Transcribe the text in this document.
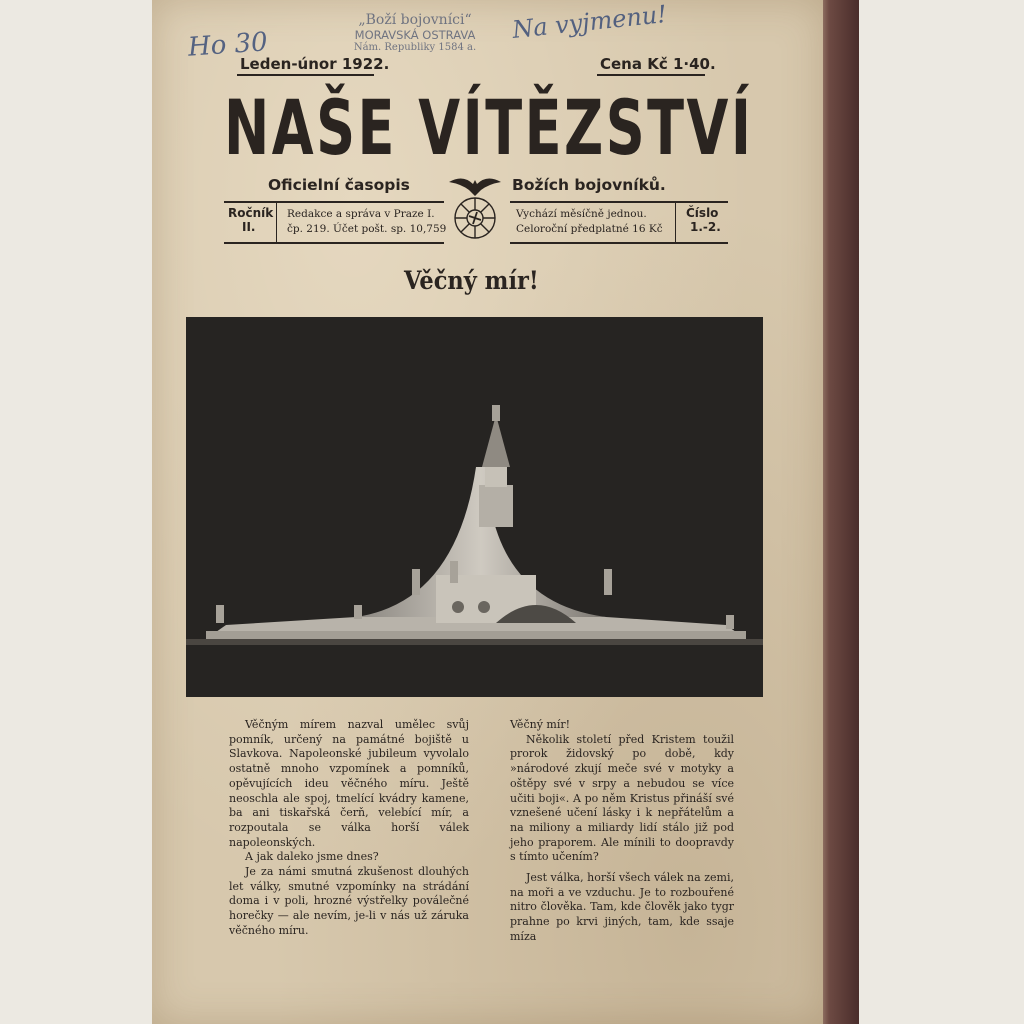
Ho 30
Na vyjmenu!
„Boží bojovníci“
MORAVSKÁ OSTRAVA
Nám. Republiky 1584 a.
Leden-únor 1922.	Cena Kč 1·40.
NAŠE VÍTĚZSTVÍ
Oficielní časopis	Božích bojovníků.
Ročník
II.
Redakce a správa v Praze I.
čp. 219. Účet pošt. sp. 10,759
Vychází měsíčně jednou.
Celoroční předplatné 16 Kč
Číslo
1.-2.
Věčný mír!

Věčným mírem nazval umělec svůj pomník, určený na památné bojiště u Slavkova. Napoleonské jubileum vyvolalo ostatně mnoho vzpomínek a pomníků, opěvujících ideu věčného míru. Ještě neoschla ale spoj, tmelící kvádry kamene, ba ani tiskařská čerň, velebící mír, a rozpoutala se válka horší válek napoleonských.

A jak daleko jsme dnes?

Je za námi smutná zkušenost dlouhých let války, smutné vzpomínky na strádání doma i v poli, hrozné výstřelky poválečné horečky — ale nevím, je-li v nás už záruka věčného míru.

Věčný mír!

Několik století před Kristem toužil prorok židovský po době, kdy »národové zkují meče své v motyky a oštěpy své v srpy a nebudou se více učiti boji«. A po něm Kristus přináší své vznešené učení lásky i k nepřátelům a na miliony a miliardy lidí stálo již pod jeho praporem. Ale mínili to doopravdy s tímto učením?

Jest válka, horší všech válek na zemi, na moři a ve vzduchu. Je to rozbouřené nitro člověka. Tam, kde člověk jako tygr prahne po krvi jiných, tam, kde ssaje míza
